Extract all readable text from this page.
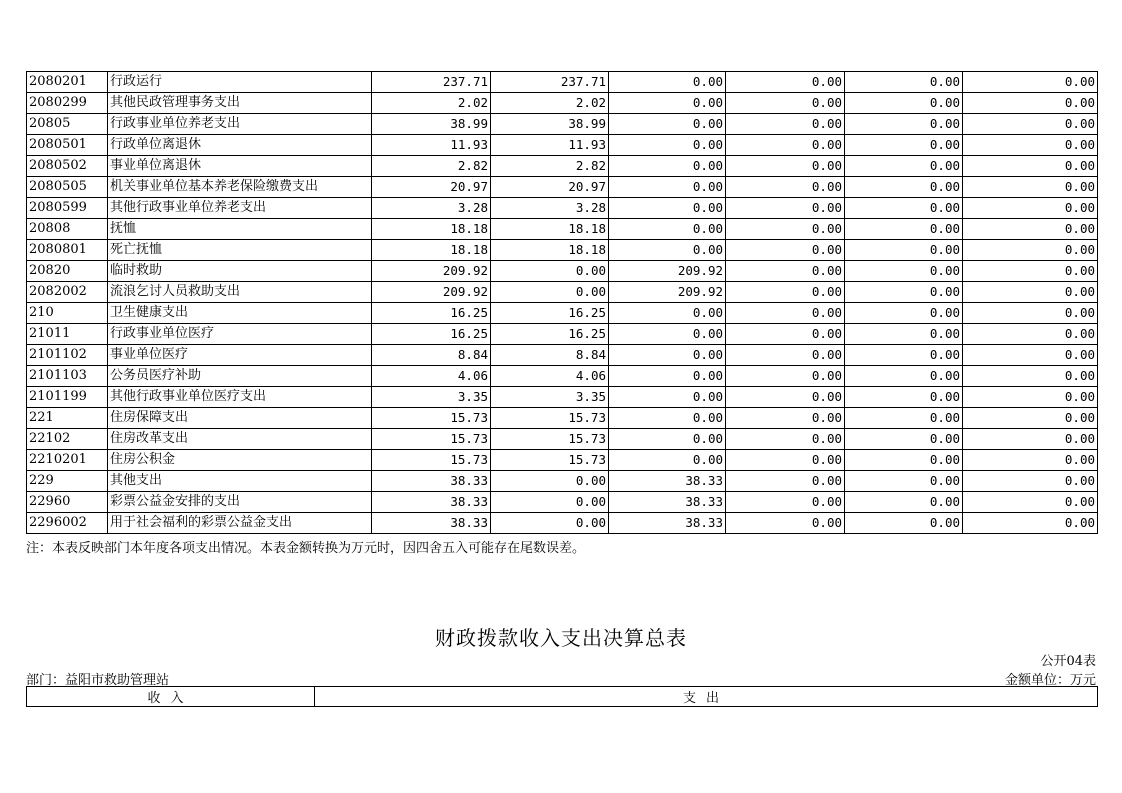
2080201	行政运行	237.71	237.71	0.00	0.00	0.00	0.00
2080299	其他民政管理事务支出	2.02	2.02	0.00	0.00	0.00	0.00
20805	行政事业单位养老支出	38.99	38.99	0.00	0.00	0.00	0.00
2080501	行政单位离退休	11.93	11.93	0.00	0.00	0.00	0.00
2080502	事业单位离退休	2.82	2.82	0.00	0.00	0.00	0.00
2080505	机关事业单位基本养老保险缴费支出	20.97	20.97	0.00	0.00	0.00	0.00
2080599	其他行政事业单位养老支出	3.28	3.28	0.00	0.00	0.00	0.00
20808	抚恤	18.18	18.18	0.00	0.00	0.00	0.00
2080801	死亡抚恤	18.18	18.18	0.00	0.00	0.00	0.00
20820	临时救助	209.92	0.00	209.92	0.00	0.00	0.00
2082002	流浪乞讨人员救助支出	209.92	0.00	209.92	0.00	0.00	0.00
210	卫生健康支出	16.25	16.25	0.00	0.00	0.00	0.00
21011	行政事业单位医疗	16.25	16.25	0.00	0.00	0.00	0.00
2101102	事业单位医疗	8.84	8.84	0.00	0.00	0.00	0.00
2101103	公务员医疗补助	4.06	4.06	0.00	0.00	0.00	0.00
2101199	其他行政事业单位医疗支出	3.35	3.35	0.00	0.00	0.00	0.00
221	住房保障支出	15.73	15.73	0.00	0.00	0.00	0.00
22102	住房改革支出	15.73	15.73	0.00	0.00	0.00	0.00
2210201	住房公积金	15.73	15.73	0.00	0.00	0.00	0.00
229	其他支出	38.33	0.00	38.33	0.00	0.00	0.00
22960	彩票公益金安排的支出	38.33	0.00	38.33	0.00	0.00	0.00
2296002	用于社会福利的彩票公益金支出	38.33	0.00	38.33	0.00	0.00	0.00
注：本表反映部门本年度各项支出情况。本表金额转换为万元时，因四舍五入可能存在尾数误差。
财政拨款收入支出决算总表
公开04表
部门：益阳市救助管理站	金额单位：万元
收入	支出
